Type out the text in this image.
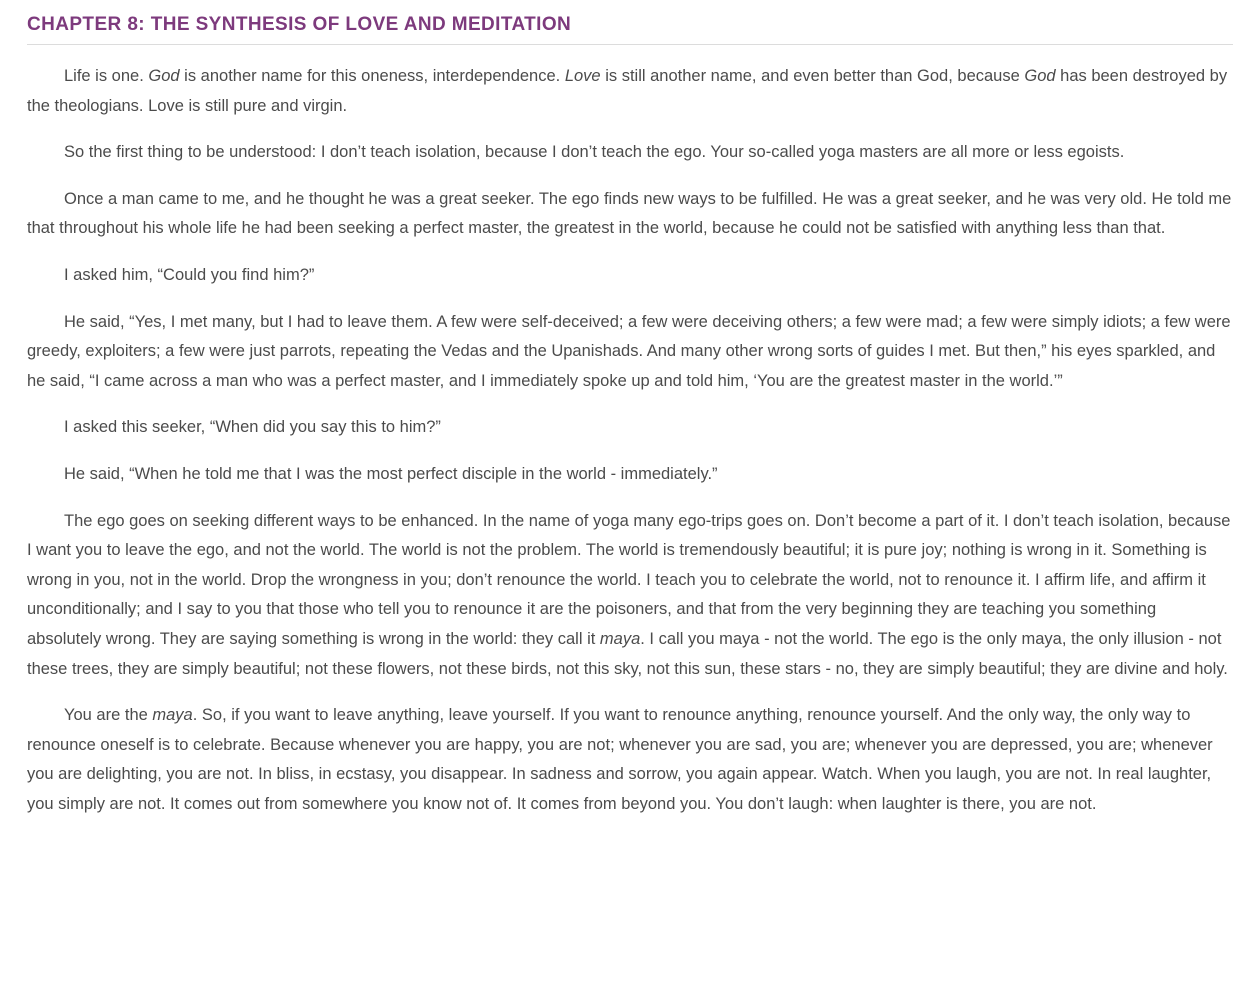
CHAPTER 8: THE SYNTHESIS OF LOVE AND MEDITATION

Life is one. God is another name for this oneness, interdependence. Love is still another name, and even better than God, because God has been destroyed by the theologians. Love is still pure and virgin.

So the first thing to be understood: I don’t teach isolation, because I don’t teach the ego. Your so-called yoga masters are all more or less egoists.

Once a man came to me, and he thought he was a great seeker. The ego finds new ways to be fulfilled. He was a great seeker, and he was very old. He told me that throughout his whole life he had been seeking a perfect master, the greatest in the world, because he could not be satisfied with anything less than that.

I asked him, “Could you find him?”

He said, “Yes, I met many, but I had to leave them. A few were self-deceived; a few were deceiving others; a few were mad; a few were simply idiots; a few were greedy, exploiters; a few were just parrots, repeating the Vedas and the Upanishads. And many other wrong sorts of guides I met. But then,” his eyes sparkled, and he said, “I came across a man who was a perfect master, and I immediately spoke up and told him, ‘You are the greatest master in the world.’”

I asked this seeker, “When did you say this to him?”

He said, “When he told me that I was the most perfect disciple in the world - immediately.”

The ego goes on seeking different ways to be enhanced. In the name of yoga many ego-trips goes on. Don’t become a part of it. I don’t teach isolation, because I want you to leave the ego, and not the world. The world is not the problem. The world is tremendously beautiful; it is pure joy; nothing is wrong in it. Something is wrong in you, not in the world. Drop the wrongness in you; don’t renounce the world. I teach you to celebrate the world, not to renounce it. I affirm life, and affirm it unconditionally; and I say to you that those who tell you to renounce it are the poisoners, and that from the very beginning they are teaching you something absolutely wrong. They are saying something is wrong in the world: they call it maya. I call you maya - not the world. The ego is the only maya, the only illusion - not these trees, they are simply beautiful; not these flowers, not these birds, not this sky, not this sun, these stars - no, they are simply beautiful; they are divine and holy.

You are the maya. So, if you want to leave anything, leave yourself. If you want to renounce anything, renounce yourself. And the only way, the only way to renounce oneself is to celebrate. Because whenever you are happy, you are not; whenever you are sad, you are; whenever you are depressed, you are; whenever you are delighting, you are not. In bliss, in ecstasy, you disappear. In sadness and sorrow, you again appear. Watch. When you laugh, you are not. In real laughter, you simply are not. It comes out from somewhere you know not of. It comes from beyond you. You don’t laugh: when laughter is there, you are not.
